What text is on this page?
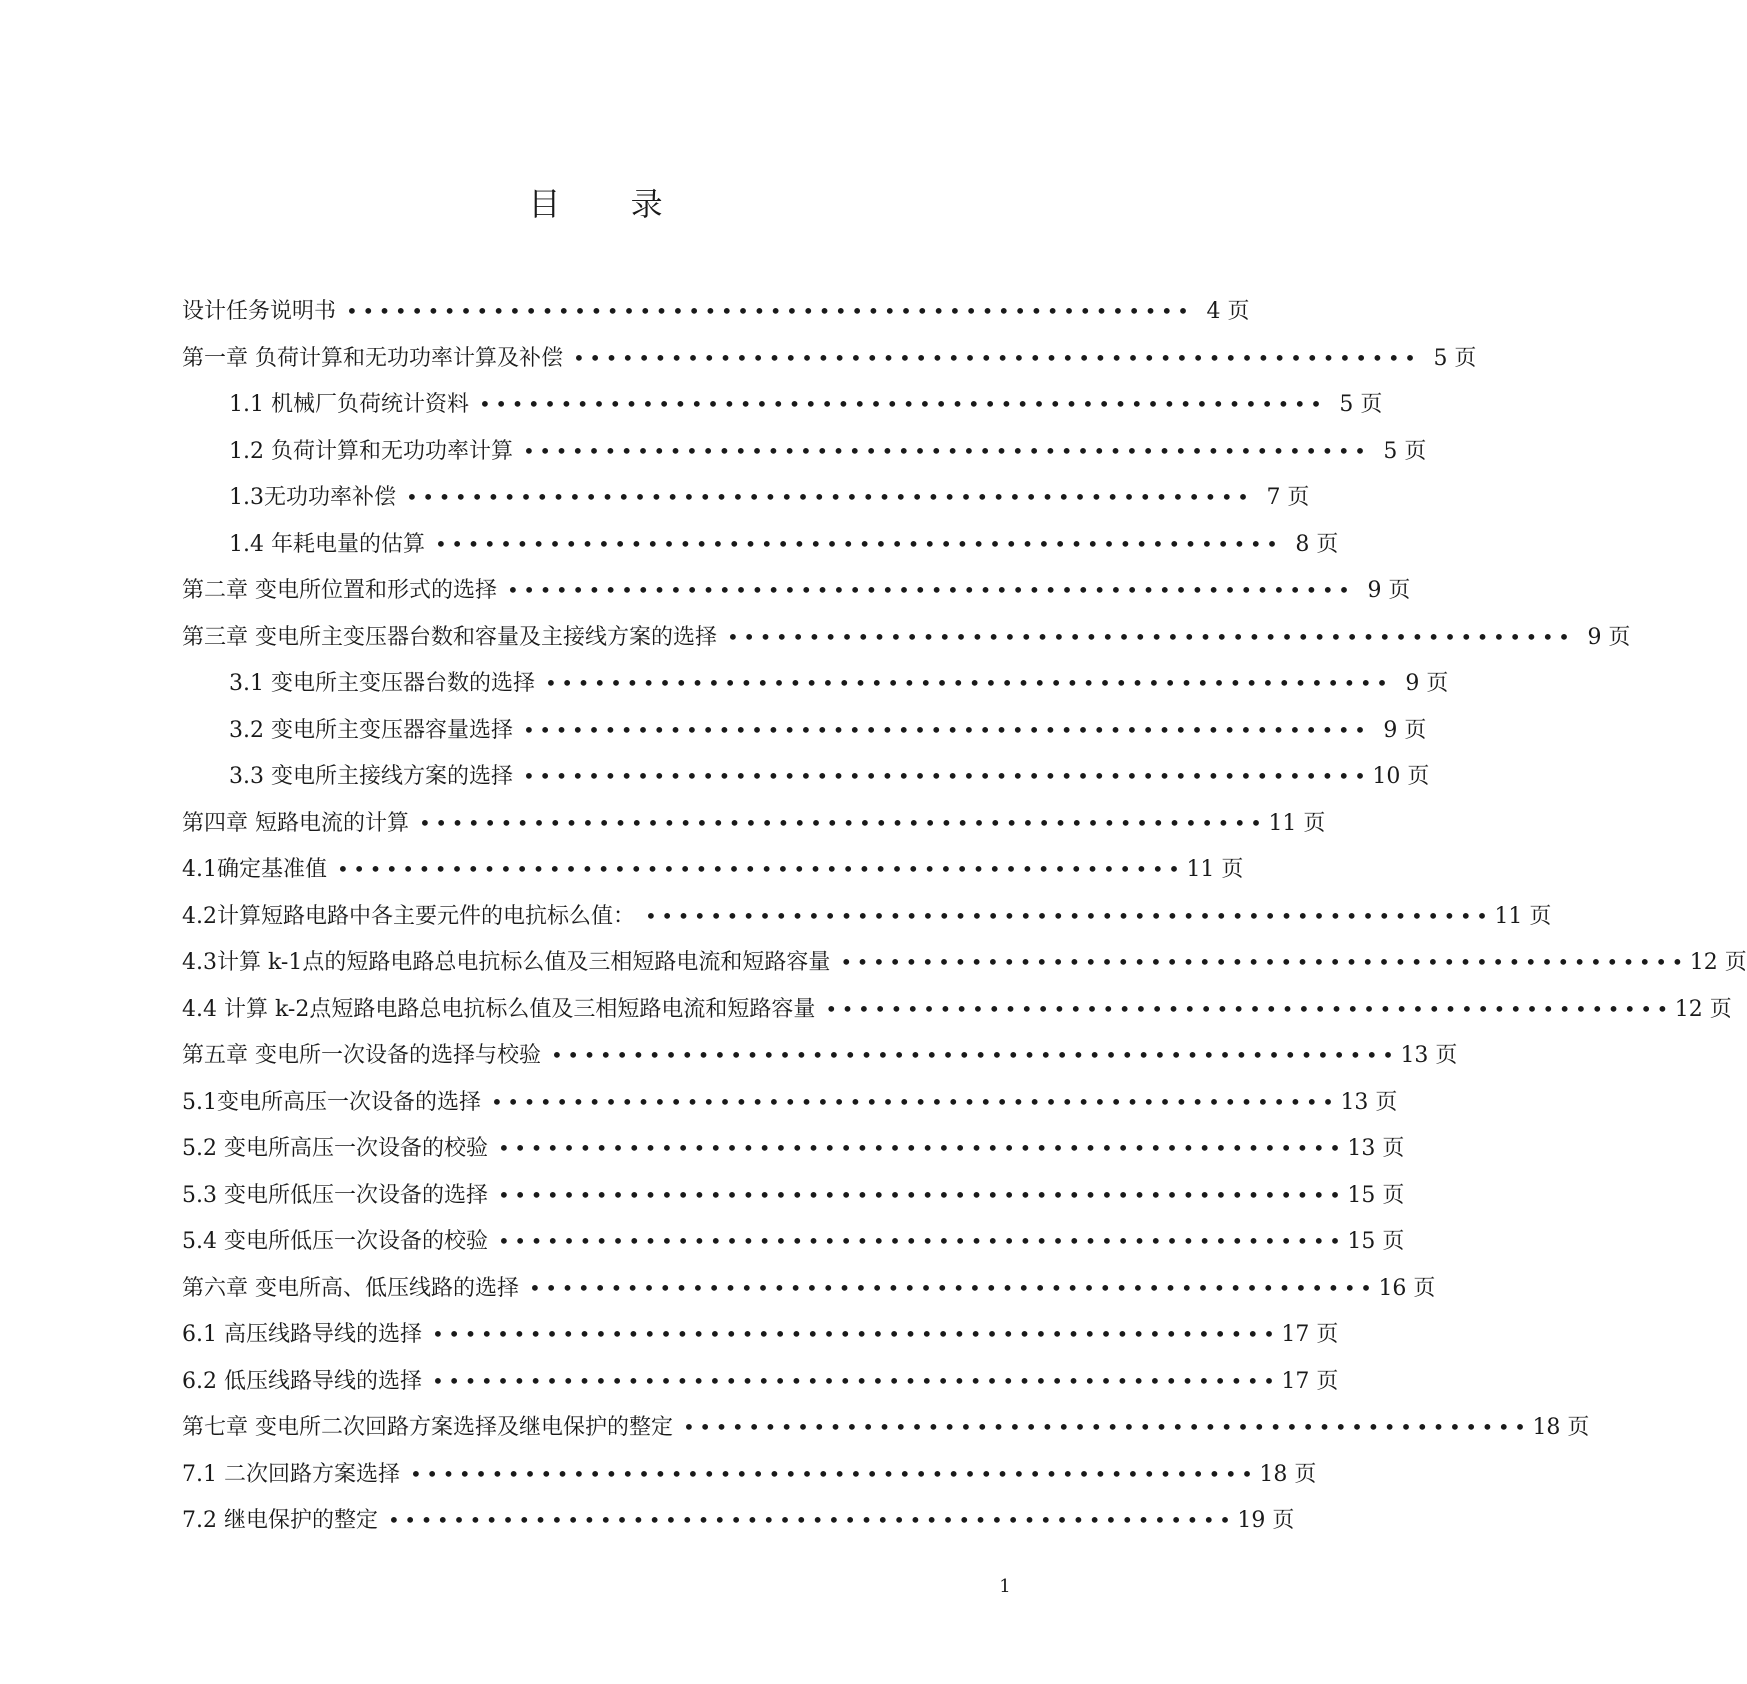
目 录
设计任务说明书 •••••••••••••••••••••••••••••••••••••••••••••••••••• 4 页
第一章 负荷计算和无功功率计算及补偿 •••••••••••••••••••••••••••••••••••••••••••••••••••• 5 页
1.1 机械厂负荷统计资料 •••••••••••••••••••••••••••••••••••••••••••••••••••• 5 页
1.2 负荷计算和无功功率计算 •••••••••••••••••••••••••••••••••••••••••••••••••••• 5 页
1.3无功功率补偿 •••••••••••••••••••••••••••••••••••••••••••••••••••• 7 页
1.4 年耗电量的估算 •••••••••••••••••••••••••••••••••••••••••••••••••••• 8 页
第二章 变电所位置和形式的选择 •••••••••••••••••••••••••••••••••••••••••••••••••••• 9 页
第三章 变电所主变压器台数和容量及主接线方案的选择 •••••••••••••••••••••••••••••••••••••••••••••••••••• 9 页
3.1 变电所主变压器台数的选择 •••••••••••••••••••••••••••••••••••••••••••••••••••• 9 页
3.2 变电所主变压器容量选择 •••••••••••••••••••••••••••••••••••••••••••••••••••• 9 页
3.3 变电所主接线方案的选择 •••••••••••••••••••••••••••••••••••••••••••••••••••• 10 页
第四章 短路电流的计算 •••••••••••••••••••••••••••••••••••••••••••••••••••• 11 页
4.1确定基准值 •••••••••••••••••••••••••••••••••••••••••••••••••••• 11 页
4.2计算短路电路中各主要元件的电抗标么值： •••••••••••••••••••••••••••••••••••••••••••••••••••• 11 页
4.3计算 k-1点的短路电路总电抗标么值及三相短路电流和短路容量 •••••••••••••••••••••••••••••••••••••••••••••••••••• 12 页
4.4 计算 k-2点短路电路总电抗标么值及三相短路电流和短路容量 •••••••••••••••••••••••••••••••••••••••••••••••••••• 12 页
第五章 变电所一次设备的选择与校验 •••••••••••••••••••••••••••••••••••••••••••••••••••• 13 页
5.1变电所高压一次设备的选择 •••••••••••••••••••••••••••••••••••••••••••••••••••• 13 页
5.2 变电所高压一次设备的校验 •••••••••••••••••••••••••••••••••••••••••••••••••••• 13 页
5.3 变电所低压一次设备的选择 •••••••••••••••••••••••••••••••••••••••••••••••••••• 15 页
5.4 变电所低压一次设备的校验 •••••••••••••••••••••••••••••••••••••••••••••••••••• 15 页
第六章 变电所高、低压线路的选择 •••••••••••••••••••••••••••••••••••••••••••••••••••• 16 页
6.1 高压线路导线的选择 •••••••••••••••••••••••••••••••••••••••••••••••••••• 17 页
6.2 低压线路导线的选择 •••••••••••••••••••••••••••••••••••••••••••••••••••• 17 页
第七章 变电所二次回路方案选择及继电保护的整定 •••••••••••••••••••••••••••••••••••••••••••••••••••• 18 页
7.1 二次回路方案选择 •••••••••••••••••••••••••••••••••••••••••••••••••••• 18 页
7.2 继电保护的整定 •••••••••••••••••••••••••••••••••••••••••••••••••••• 19 页
1
